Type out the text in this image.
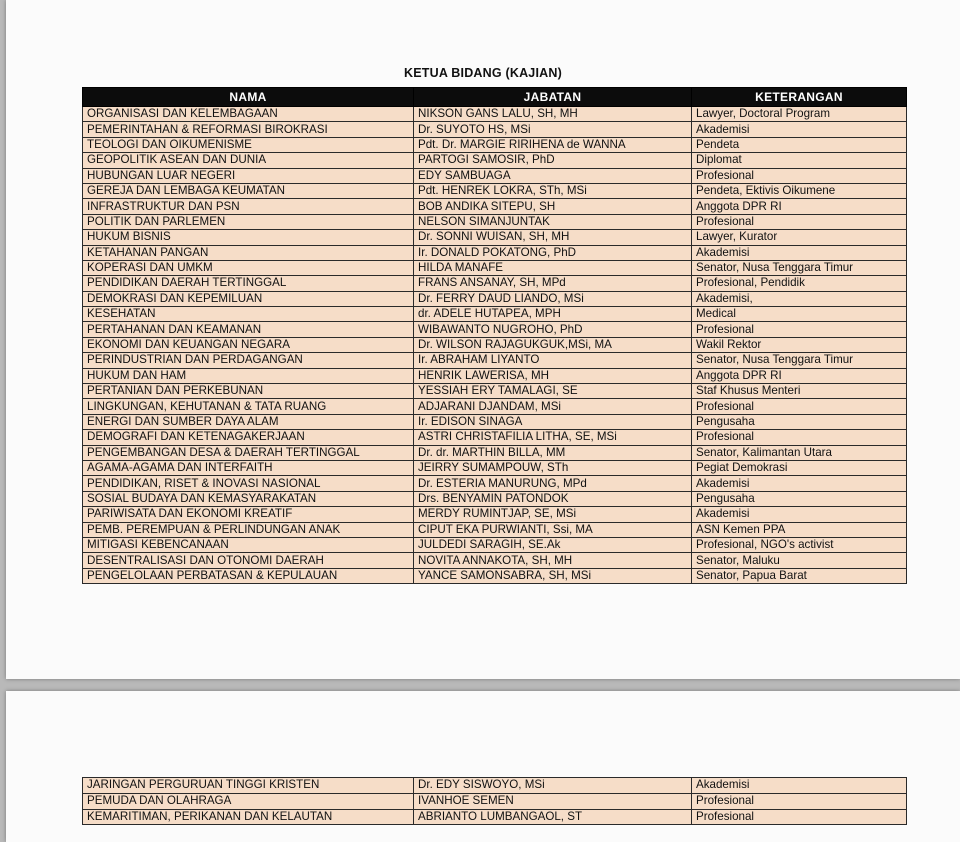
KETUA BIDANG (KAJIAN)
NAMA	JABATAN	KETERANGAN
ORGANISASI DAN KELEMBAGAAN	NIKSON GANS LALU, SH, MH	Lawyer, Doctoral Program
PEMERINTAHAN & REFORMASI BIROKRASI	Dr. SUYOTO HS, MSi	Akademisi
TEOLOGI DAN OIKUMENISME	Pdt. Dr. MARGIE RIRIHENA de WANNA	Pendeta
GEOPOLITIK ASEAN DAN DUNIA	PARTOGI SAMOSIR, PhD	Diplomat
HUBUNGAN LUAR NEGERI	EDY SAMBUAGA	Profesional
GEREJA DAN LEMBAGA KEUMATAN	Pdt. HENREK LOKRA, STh, MSi	Pendeta, Ektivis Oikumene
INFRASTRUKTUR DAN PSN	BOB ANDIKA SITEPU, SH	Anggota DPR RI
POLITIK DAN PARLEMEN	NELSON SIMANJUNTAK	Profesional
HUKUM BISNIS	Dr. SONNI WUISAN, SH, MH	Lawyer, Kurator
KETAHANAN PANGAN	Ir. DONALD POKATONG, PhD	Akademisi
KOPERASI DAN UMKM	HILDA MANAFE	Senator, Nusa Tenggara Timur
PENDIDIKAN DAERAH TERTINGGAL	FRANS ANSANAY, SH, MPd	Profesional, Pendidik
DEMOKRASI DAN KEPEMILUAN	Dr. FERRY DAUD LIANDO, MSi	Akademisi,
KESEHATAN	dr. ADELE HUTAPEA, MPH	Medical
PERTAHANAN DAN KEAMANAN	WIBAWANTO NUGROHO, PhD	Profesional
EKONOMI DAN KEUANGAN NEGARA	Dr. WILSON RAJAGUKGUK,MSi, MA	Wakil Rektor
PERINDUSTRIAN DAN PERDAGANGAN	Ir. ABRAHAM LIYANTO	Senator, Nusa Tenggara Timur
HUKUM DAN HAM	HENRIK LAWERISA, MH	Anggota DPR RI
PERTANIAN DAN PERKEBUNAN	YESSIAH ERY TAMALAGI, SE	Staf Khusus Menteri
LINGKUNGAN, KEHUTANAN & TATA RUANG	ADJARANI DJANDAM, MSi	Profesional
ENERGI DAN SUMBER DAYA ALAM	Ir. EDISON SINAGA	Pengusaha
DEMOGRAFI DAN KETENAGAKERJAAN	ASTRI CHRISTAFILIA LITHA, SE, MSi	Profesional
PENGEMBANGAN DESA & DAERAH TERTINGGAL	Dr. dr. MARTHIN BILLA, MM	Senator, Kalimantan Utara
AGAMA-AGAMA DAN INTERFAITH	JEIRRY SUMAMPOUW, STh	Pegiat Demokrasi
PENDIDIKAN, RISET & INOVASI NASIONAL	Dr. ESTERIA MANURUNG, MPd	Akademisi
SOSIAL BUDAYA DAN KEMASYARAKATAN	Drs. BENYAMIN PATONDOK	Pengusaha
PARIWISATA DAN EKONOMI KREATIF	MERDY RUMINTJAP, SE, MSi	Akademisi
PEMB. PEREMPUAN & PERLINDUNGAN ANAK	CIPUT EKA PURWIANTI, Ssi, MA	ASN Kemen PPA
MITIGASI KEBENCANAAN	JULDEDI SARAGIH, SE.Ak	Profesional, NGO's activist
DESENTRALISASI DAN OTONOMI DAERAH	NOVITA ANNAKOTA, SH, MH	Senator, Maluku
PENGELOLAAN PERBATASAN & KEPULAUAN	YANCE SAMONSABRA, SH, MSi	Senator, Papua Barat
JARINGAN PERGURUAN TINGGI KRISTEN	Dr. EDY SISWOYO, MSi	Akademisi
PEMUDA DAN OLAHRAGA	IVANHOE SEMEN	Profesional
KEMARITIMAN, PERIKANAN DAN KELAUTAN	ABRIANTO LUMBANGAOL, ST	Profesional
